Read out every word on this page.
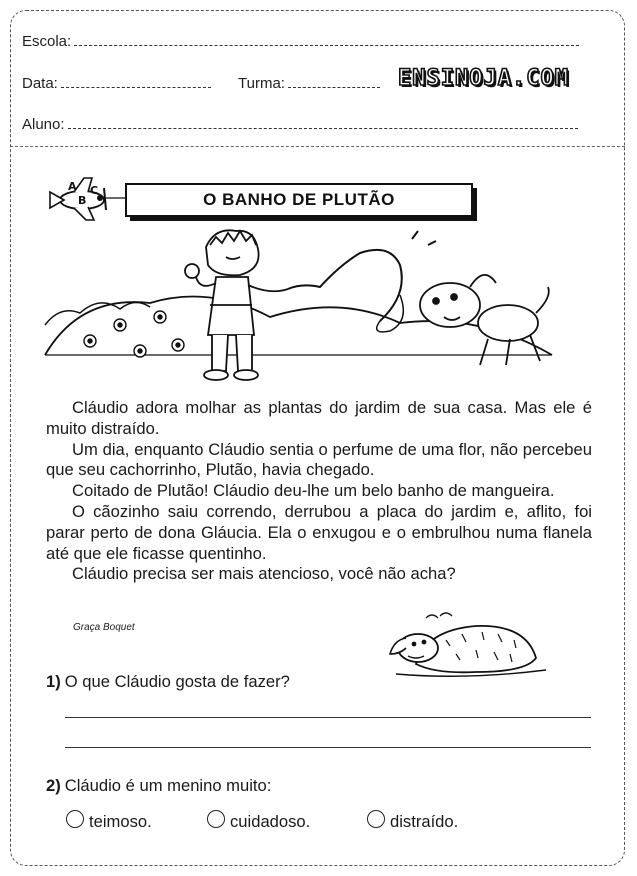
Escola:
Data:	Turma:	ENSINOJA.COM
Aluno:
A
B
C	O BANHO DE PLUTÃO

Cláudio adora molhar as plantas do jardim de sua casa. Mas ele é muito distraído.

Um dia, enquanto Cláudio sentia o perfume de uma flor, não percebeu que seu cachorrinho, Plutão, havia chegado.

Coitado de Plutão! Cláudio deu-lhe um belo banho de mangueira.

O cãozinho saiu correndo, derrubou a placa do jardim e, aflito, foi parar perto de dona Gláucia. Ela o enxugou e o embrulhou numa flanela até que ele ficasse quentinho.

Cláudio precisa ser mais atencioso, você não acha?

Graça Boquet
1) O que Cláudio gosta de fazer?
2) Cláudio é um menino muito:
teimoso.	cuidadoso.	distraído.
